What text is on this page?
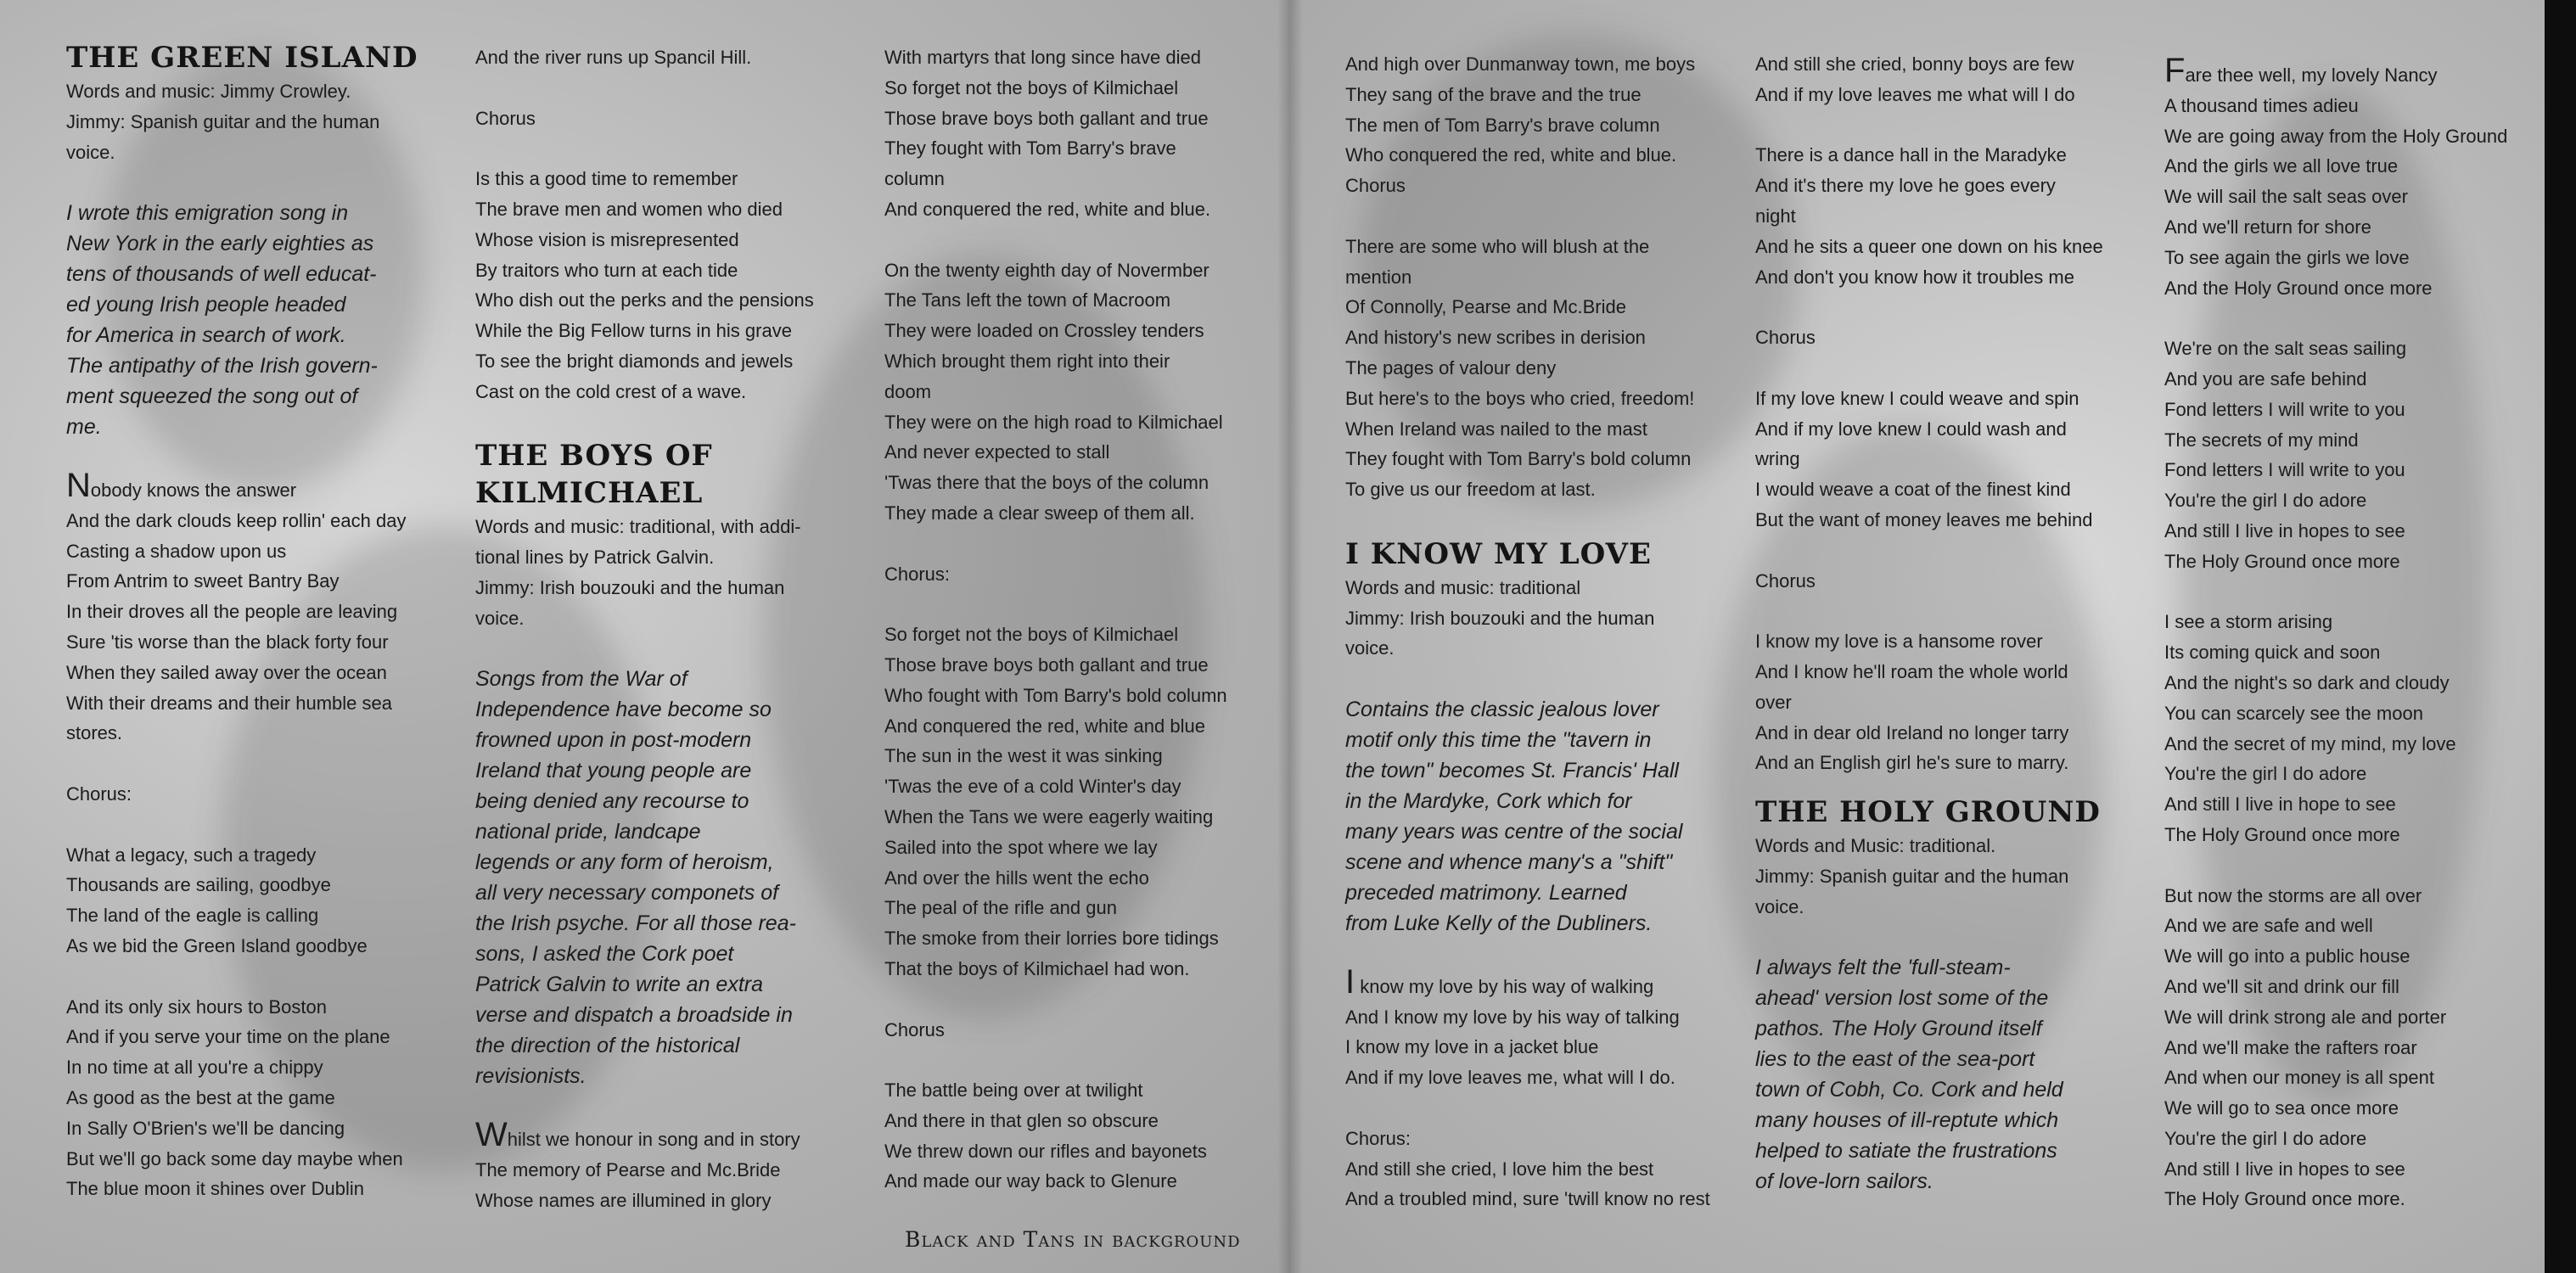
THE GREEN ISLAND

Words and music: Jimmy Crowley.

Jimmy: Spanish guitar and the human

voice.

I wrote this emigration song in

New York in the early eighties as

tens of thousands of well educat-

ed young Irish people headed

for America in search of work.

The antipathy of the Irish govern-

ment squeezed the song out of

me.

Nobody knows the answer

And the dark clouds keep rollin' each day

Casting a shadow upon us

From Antrim to sweet Bantry Bay

In their droves all the people are leaving

Sure 'tis worse than the black forty four

When they sailed away over the ocean

With their dreams and their humble sea

stores.

Chorus:

What a legacy, such a tragedy

Thousands are sailing, goodbye

The land of the eagle is calling

As we bid the Green Island goodbye

And its only six hours to Boston

And if you serve your time on the plane

In no time at all you're a chippy

As good as the best at the game

In Sally O'Brien's we'll be dancing

But we'll go back some day maybe when

The blue moon it shines over Dublin

And the river runs up Spancil Hill.

Chorus

Is this a good time to remember

The brave men and women who died

Whose vision is misrepresented

By traitors who turn at each tide

Who dish out the perks and the pensions

While the Big Fellow turns in his grave

To see the bright diamonds and jewels

Cast on the cold crest of a wave.

THE BOYS OF KILMICHAEL

Words and music: traditional, with addi-

tional lines by Patrick Galvin.

Jimmy: Irish bouzouki and the human

voice.

Songs from the War of

Independence have become so

frowned upon in post-modern

Ireland that young people are

being denied any recourse to

national pride, landcape

legends or any form of heroism,

all very necessary componets of

the Irish psyche. For all those rea-

sons, I asked the Cork poet

Patrick Galvin to write an extra

verse and dispatch a broadside in

the direction of the historical

revisionists.

Whilst we honour in song and in story

The memory of Pearse and Mc.Bride

Whose names are illumined in glory

With martyrs that long since have died

So forget not the boys of Kilmichael

Those brave boys both gallant and true

They fought with Tom Barry's brave

column

And conquered the red, white and blue.

On the twenty eighth day of Novermber

The Tans left the town of Macroom

They were loaded on Crossley tenders

Which brought them right into their

doom

They were on the high road to Kilmichael

And never expected to stall

'Twas there that the boys of the column

They made a clear sweep of them all.

Chorus:

So forget not the boys of Kilmichael

Those brave boys both gallant and true

Who fought with Tom Barry's bold column

And conquered the red, white and blue

The sun in the west it was sinking

'Twas the eve of a cold Winter's day

When the Tans we were eagerly waiting

Sailed into the spot where we lay

And over the hills went the echo

The peal of the rifle and gun

The smoke from their lorries bore tidings

That the boys of Kilmichael had won.

Chorus

The battle being over at twilight

And there in that glen so obscure

We threw down our rifles and bayonets

And made our way back to Glenure

Black and Tans in background

And high over Dunmanway town, me boys

They sang of the brave and the true

The men of Tom Barry's brave column

Who conquered the red, white and blue.

Chorus

There are some who will blush at the

mention

Of Connolly, Pearse and Mc.Bride

And history's new scribes in derision

The pages of valour deny

But here's to the boys who cried, freedom!

When Ireland was nailed to the mast

They fought with Tom Barry's bold column

To give us our freedom at last.

I KNOW MY LOVE

Words and music: traditional

Jimmy: Irish bouzouki and the human

voice.

Contains the classic jealous lover

motif only this time the "tavern in

the town" becomes St. Francis' Hall

in the Mardyke, Cork which for

many years was centre of the social

scene and whence many's a "shift"

preceded matrimony. Learned

from Luke Kelly of the Dubliners.

I know my love by his way of walking

And I know my love by his way of talking

I know my love in a jacket blue

And if my love leaves me, what will I do.

Chorus:

And still she cried, I love him the best

And a troubled mind, sure 'twill know no rest

And still she cried, bonny boys are few

And if my love leaves me what will I do

There is a dance hall in the Maradyke

And it's there my love he goes every

night

And he sits a queer one down on his knee

And don't you know how it troubles me

Chorus

If my love knew I could weave and spin

And if my love knew I could wash and

wring

I would weave a coat of the finest kind

But the want of money leaves me behind

Chorus

I know my love is a hansome rover

And I know he'll roam the whole world

over

And in dear old Ireland no longer tarry

And an English girl he's sure to marry.

THE HOLY GROUND

Words and Music: traditional.

Jimmy: Spanish guitar and the human

voice.

I always felt the 'full-steam-

ahead' version lost some of the

pathos. The Holy Ground itself

lies to the east of the sea-port

town of Cobh, Co. Cork and held

many houses of ill-reptute which

helped to satiate the frustrations

of love-lorn sailors.

Fare thee well, my lovely Nancy

A thousand times adieu

We are going away from the Holy Ground

And the girls we all love true

We will sail the salt seas over

And we'll return for shore

To see again the girls we love

And the Holy Ground once more

We're on the salt seas sailing

And you are safe behind

Fond letters I will write to you

The secrets of my mind

Fond letters I will write to you

You're the girl I do adore

And still I live in hopes to see

The Holy Ground once more

I see a storm arising

Its coming quick and soon

And the night's so dark and cloudy

You can scarcely see the moon

And the secret of my mind, my love

You're the girl I do adore

And still I live in hope to see

The Holy Ground once more

But now the storms are all over

And we are safe and well

We will go into a public house

And we'll sit and drink our fill

We will drink strong ale and porter

And we'll make the rafters roar

And when our money is all spent

We will go to sea once more

You're the girl I do adore

And still I live in hopes to see

The Holy Ground once more.
